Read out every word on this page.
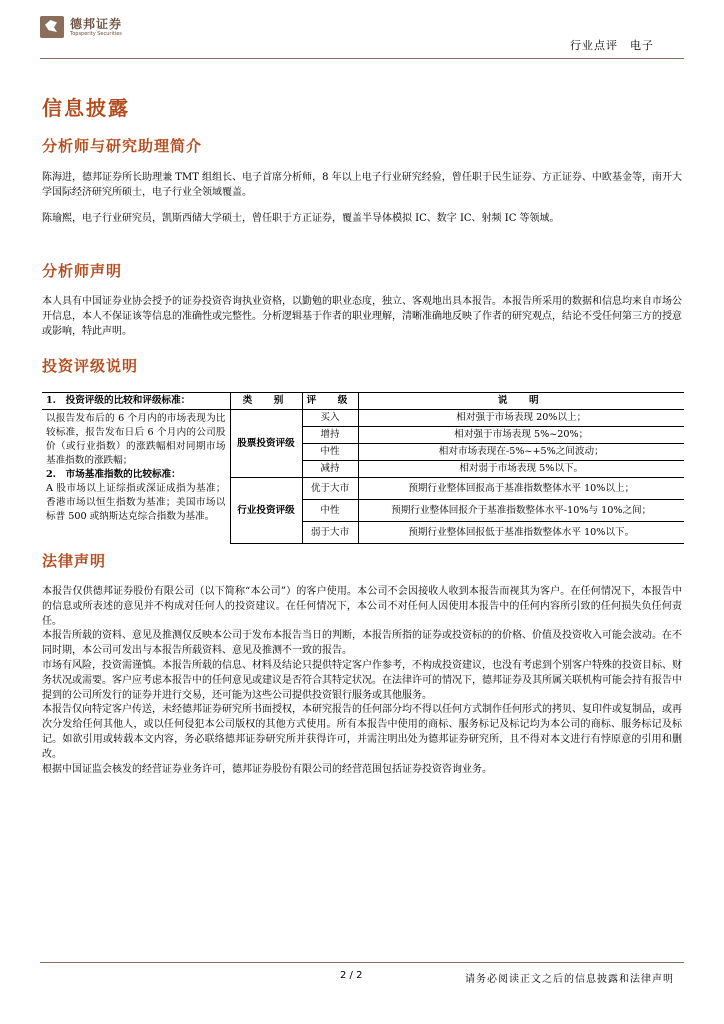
德邦证券
Topsperity Securities
行业点评　电子
信息披露
分析师与研究助理简介
陈海进，德邦证券所长助理兼 TMT 组组长、电子首席分析师，8 年以上电子行业研究经验，曾任职于民生证券、方正证券、中欧基金等，南开大学国际经济研究所硕士，电子行业全领域覆盖。
陈瑜熙，电子行业研究员，凯斯西储大学硕士，曾任职于方正证券，覆盖半导体模拟 IC、数字 IC、射频 IC 等领域。
分析师声明
本人具有中国证券业协会授予的证券投资咨询执业资格，以勤勉的职业态度，独立、客观地出具本报告。本报告所采用的数据和信息均来自市场公开信息，本人不保证该等信息的准确性或完整性。分析逻辑基于作者的职业理解，清晰准确地反映了作者的研究观点，结论不受任何第三方的授意或影响，特此声明。
投资评级说明
1.　投资评级的比较和评级标准：	类　别	评　级	说　明

以报告发布后的 6 个月内的市场表现为比较标准，报告发布日后 6 个月内的公司股价（或行业指数）的涨跌幅相对同期市场基准指数的涨跌幅；
2.　市场基准指数的比较标准：
A 股市场以上证综指或深证成指为基准；香港市场以恒生指数为基准；美国市场以标普 500 或纳斯达克综合指数为基准。	股票投资评级	买入	相对强于市场表现 20%以上；
		增持	相对强于市场表现 5%~20%；
		中性	相对市场表现在-5%~+5%之间波动；
		减持	相对弱于市场表现 5%以下。
	行业投资评级	优于大市	预期行业整体回报高于基准指数整体水平 10%以上；
		中性	预期行业整体回报介于基准指数整体水平-10%与 10%之间；
		弱于大市	预期行业整体回报低于基准指数整体水平 10%以下。
法律声明
本报告仅供德邦证券股份有限公司（以下简称“本公司”）的客户使用。本公司不会因接收人收到本报告而视其为客户。在任何情况下，本报告中的信息或所表述的意见并不构成对任何人的投资建议。在任何情况下，本公司不对任何人因使用本报告中的任何内容所引致的任何损失负任何责任。
本报告所载的资料、意见及推测仅反映本公司于发布本报告当日的判断，本报告所指的证券或投资标的的价格、价值及投资收入可能会波动。在不同时期，本公司可发出与本报告所载资料、意见及推测不一致的报告。
市场有风险，投资需谨慎。本报告所载的信息、材料及结论只提供特定客户作参考，不构成投资建议，也没有考虑到个别客户特殊的投资目标、财务状况或需要。客户应考虑本报告中的任何意见或建议是否符合其特定状况。在法律许可的情况下，德邦证券及其所属关联机构可能会持有报告中提到的公司所发行的证券并进行交易，还可能为这些公司提供投资银行服务或其他服务。
本报告仅向特定客户传送，未经德邦证券研究所书面授权，本研究报告的任何部分均不得以任何方式制作任何形式的拷贝、复印件或复制品，或再次分发给任何其他人，或以任何侵犯本公司版权的其他方式使用。所有本报告中使用的商标、服务标记及标记均为本公司的商标、服务标记及标记。如欲引用或转载本文内容，务必联络德邦证券研究所并获得许可，并需注明出处为德邦证券研究所，且不得对本文进行有悖原意的引用和删改。
根据中国证监会核发的经营证券业务许可，德邦证券股份有限公司的经营范围包括证券投资咨询业务。
2 / 2	请务必阅读正文之后的信息披露和法律声明
